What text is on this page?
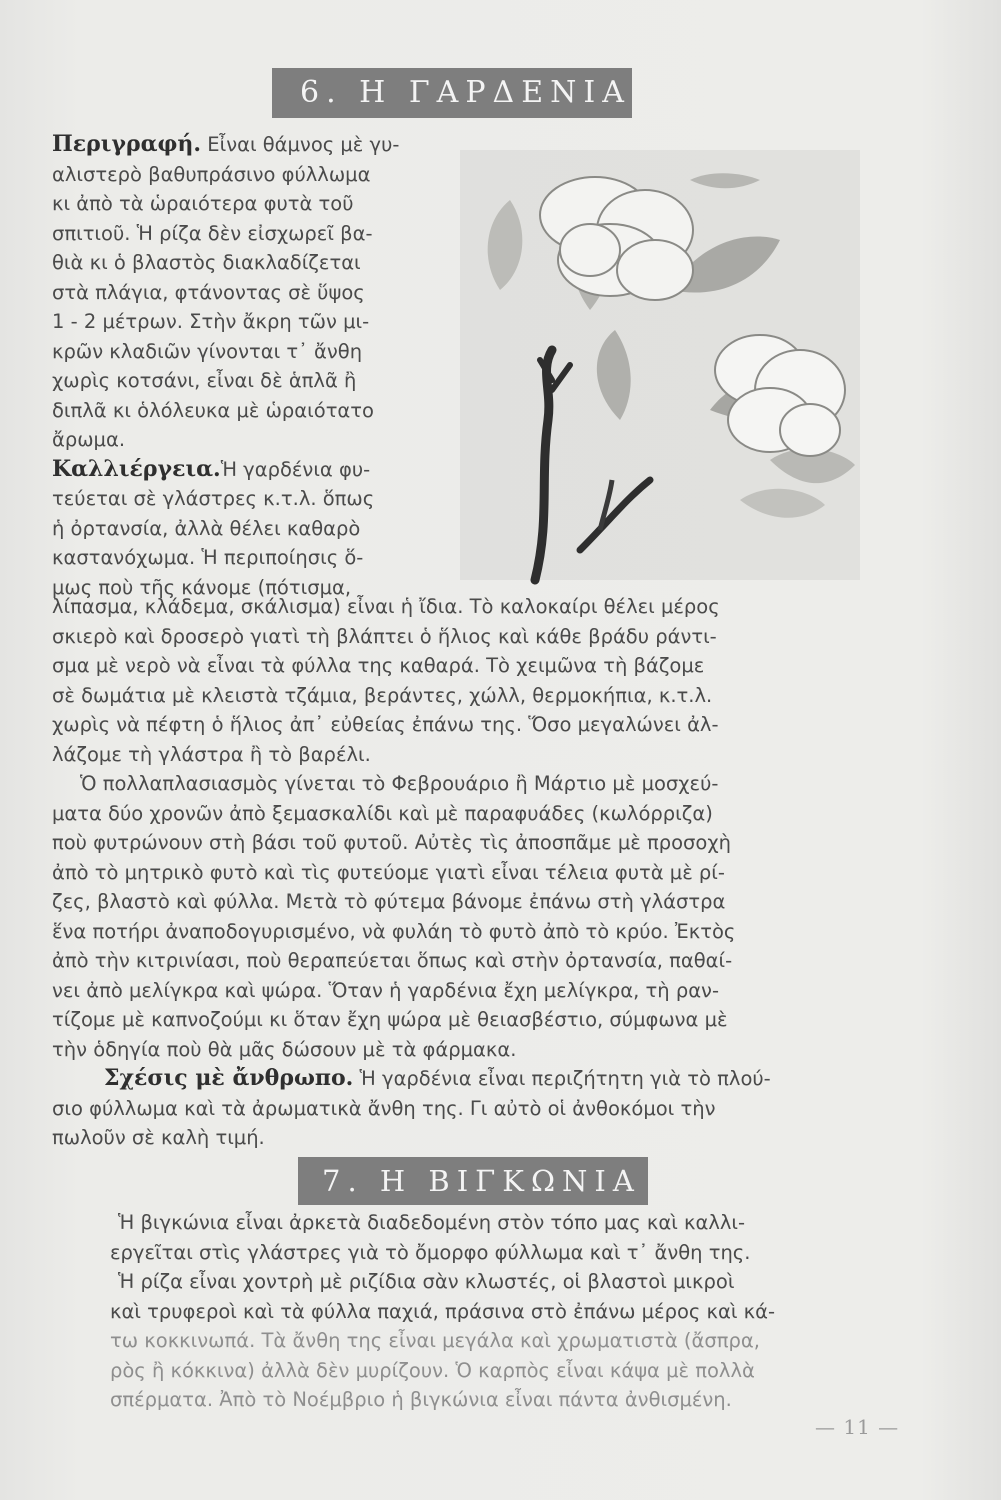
6. Η ΓΑΡΔΕΝΙΑ
Περιγραφή. Εἶναι θάμνος μὲ γυ-
αλιστερὸ βαθυπράσινο φύλλωμα
κι ἀπὸ τὰ ὡραιότερα φυτὰ τοῦ
σπιτιοῦ. Ἡ ρίζα δὲν εἰσχωρεῖ βα-
θιὰ κι ὁ βλαστὸς διακλαδίζεται
στὰ πλάγια, φτάνοντας σὲ ὕψος
1 - 2 μέτρων. Στὴν ἄκρη τῶν μι-
κρῶν κλαδιῶν γίνονται τ᾽ ἄνθη
χωρὶς κοτσάνι, εἶναι δὲ ἁπλᾶ ἢ
διπλᾶ κι ὁλόλευκα μὲ ὡραιότατο
ἄρωμα.
Καλλιέργεια.Ἡ γαρδένια φυ-
τεύεται σὲ γλάστρες κ.τ.λ. ὅπως
ἡ ὀρτανσία, ἀλλὰ θέλει καθαρὸ
καστανόχωμα. Ἡ περιποίησις ὅ-
μως ποὺ τῆς κάνομε (πότισμα,
λίπασμα, κλάδεμα, σκάλισμα) εἶναι ἡ ἴδια. Τὸ καλοκαίρι θέλει μέρος
σκιερὸ καὶ δροσερὸ γιατὶ τὴ βλάπτει ὁ ἥλιος καὶ κάθε βράδυ ράντι-
σμα μὲ νερὸ νὰ εἶναι τὰ φύλλα της καθαρά. Τὸ χειμῶνα τὴ βάζομε
σὲ δωμάτια μὲ κλειστὰ τζάμια, βεράντες, χώλλ, θερμοκήπια, κ.τ.λ.
χωρὶς νὰ πέφτη ὁ ἥλιος ἀπ᾽ εὐθείας ἐπάνω της. Ὅσο μεγαλώνει ἀλ-
λάζομε τὴ γλάστρα ἢ τὸ βαρέλι.
Ὁ πολλαπλασιασμὸς γίνεται τὸ Φεβρουάριο ἢ Μάρτιο μὲ μοσχεύ-
ματα δύο χρονῶν ἀπὸ ξεμασκαλίδι καὶ μὲ παραφυάδες (κωλόρριζα)
ποὺ φυτρώνουν στὴ βάσι τοῦ φυτοῦ. Αὐτὲς τὶς ἀποσπᾶμε μὲ προσοχὴ
ἀπὸ τὸ μητρικὸ φυτὸ καὶ τὶς φυτεύομε γιατὶ εἶναι τέλεια φυτὰ μὲ ρί-
ζες, βλαστὸ καὶ φύλλα. Μετὰ τὸ φύτεμα βάνομε ἐπάνω στὴ γλάστρα
ἕνα ποτήρι ἀναποδογυρισμένο, νὰ φυλάη τὸ φυτὸ ἀπὸ τὸ κρύο. Ἐκτὸς
ἀπὸ τὴν κιτρινίασι, ποὺ θεραπεύεται ὅπως καὶ στὴν ὀρτανσία, παθαί-
νει ἀπὸ μελίγκρα καὶ ψώρα. Ὅταν ἡ γαρδένια ἔχη μελίγκρα, τὴ ραν-
τίζομε μὲ καπνοζούμι κι ὅταν ἔχη ψώρα μὲ θειασβέστιο, σύμφωνα μὲ
τὴν ὁδηγία ποὺ θὰ μᾶς δώσουν μὲ τὰ φάρμακα.
Σχέσις μὲ ἄνθρωπο. Ἡ γαρδένια εἶναι περιζήτητη γιὰ τὸ πλού-
σιο φύλλωμα καὶ τὰ ἀρωματικὰ ἄνθη της. Γι αὐτὸ οἱ ἀνθοκόμοι τὴν
πωλοῦν σὲ καλὴ τιμή.
7. Η ΒΙΓΚΩΝΙΑ
Ἡ βιγκώνια εἶναι ἀρκετὰ διαδεδομένη στὸν τόπο μας καὶ καλλι-
εργεῖται στὶς γλάστρες γιὰ τὸ ὄμορφο φύλλωμα καὶ τ᾽ ἄνθη της.
Ἡ ρίζα εἶναι χοντρὴ μὲ ριζίδια σὰν κλωστές, οἱ βλαστοὶ μικροὶ
καὶ τρυφεροὶ καὶ τὰ φύλλα παχιά, πράσινα στὸ ἐπάνω μέρος καὶ κά-
τω κοκκινωπά. Τὰ ἄνθη της εἶναι μεγάλα καὶ χρωματιστὰ (ἄσπρα,
ρὸς ἢ κόκκινα) ἀλλὰ δὲν μυρίζουν. Ὁ καρπὸς εἶναι κάψα μὲ πολλὰ
σπέρματα. Ἀπὸ τὸ Νοέμβριο ἡ βιγκώνια εἶναι πάντα ἀνθισμένη.
— 11 —
